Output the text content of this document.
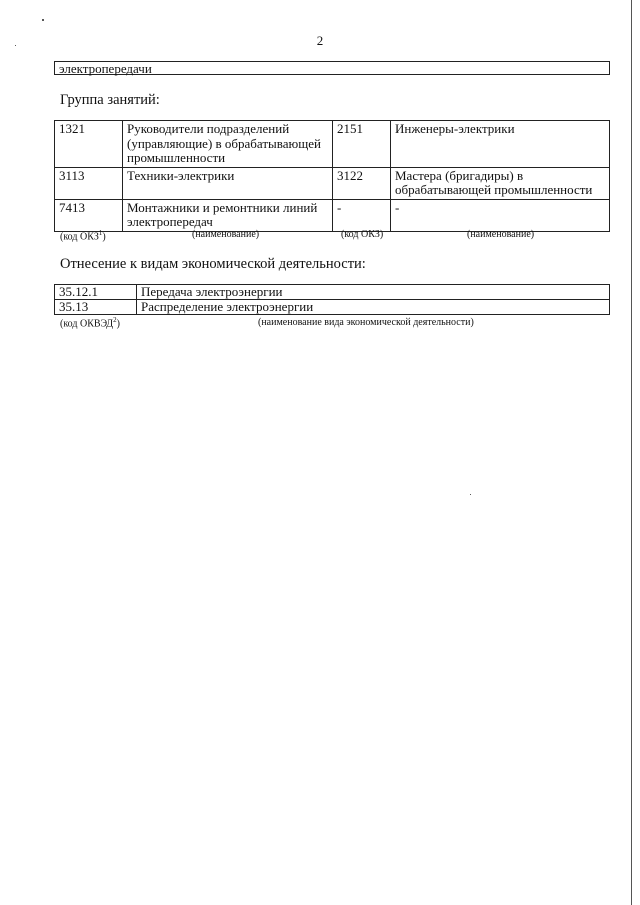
2
электропередачи
Группа занятий:
1321	Руководители подразделений (управляющие) в обрабатывающей промышленности	2151	Инженеры-электрики
3113	Техники-электрики	3122	Мастера (бригадиры) в обрабатывающей промышленности
7413	Монтажники и ремонтники линий электропередач	-	-
(код ОКЗ$^1$)	(наименование)	(код ОКЗ)	(наименование)
Отнесение к видам экономической деятельности:
35.12.1	Передача электроэнергии
35.13	Распределение электроэнергии
(код ОКВЭД$^2$)	(наименование вида экономической деятельности)
